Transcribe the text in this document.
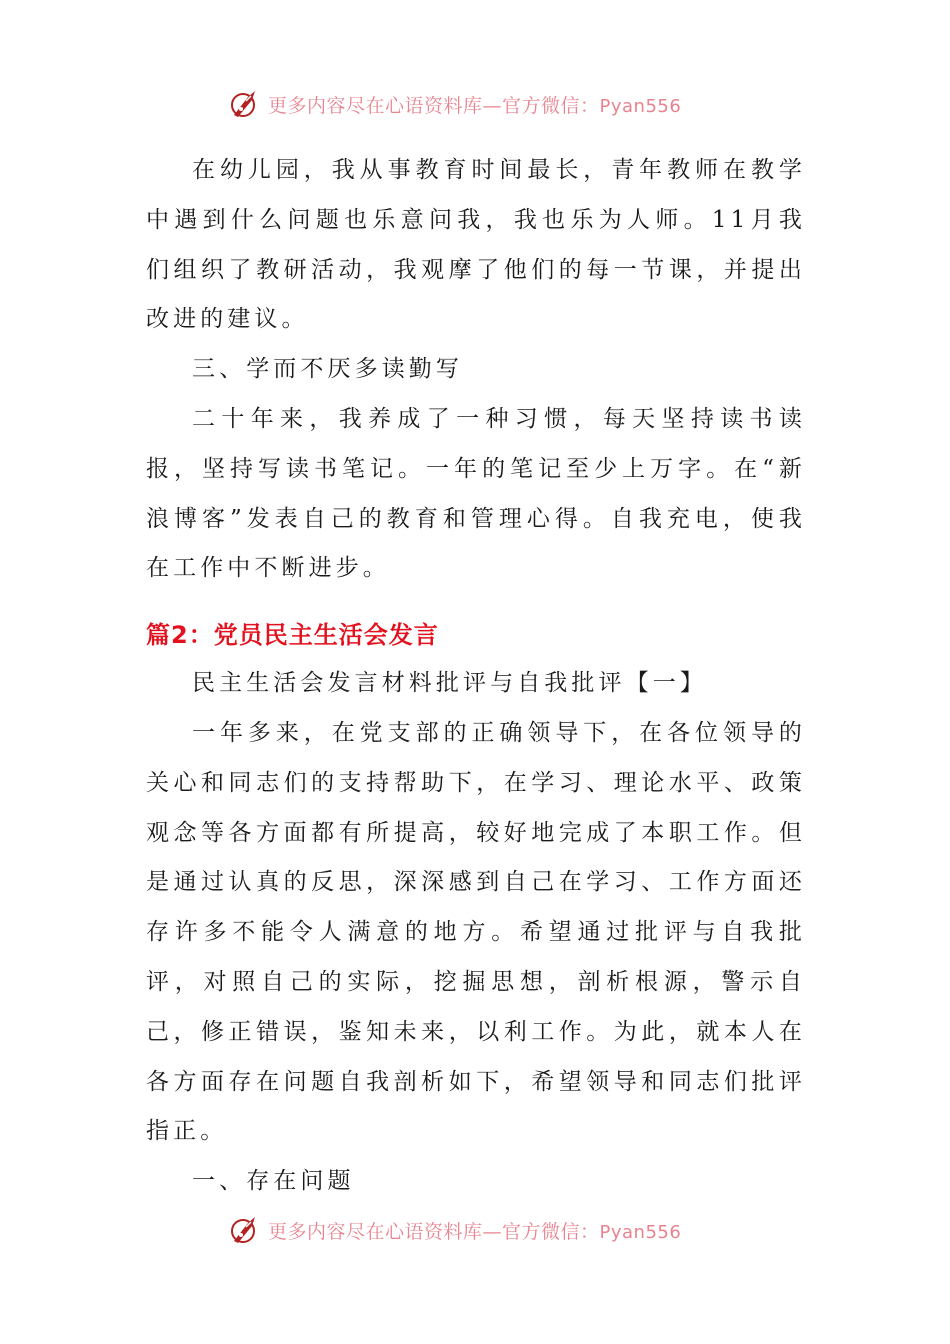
更多内容尽在心语资料库—官方微信：Pyan556

在幼儿园，我从事教育时间最长，青年教师在教学中遇到什么问题也乐意问我，我也乐为人师。11月我们组织了教研活动，我观摩了他们的每一节课，并提出改进的建议。

三、学而不厌多读勤写

二十年来，我养成了一种习惯，每天坚持读书读报，坚持写读书笔记。一年的笔记至少上万字。在“新浪博客”发表自己的教育和管理心得。自我充电，使我在工作中不断进步。

篇2：党员民主生活会发言

民主生活会发言材料批评与自我批评【一】

一年多来，在党支部的正确领导下，在各位领导的关心和同志们的支持帮助下，在学习、理论水平、政策观念等各方面都有所提高，较好地完成了本职工作。但是通过认真的反思，深深感到自己在学习、工作方面还存许多不能令人满意的地方。希望通过批评与自我批评，对照自己的实际，挖掘思想，剖析根源，警示自己，修正错误，鉴知未来，以利工作。为此，就本人在各方面存在问题自我剖析如下，希望领导和同志们批评指正。

一、存在问题

更多内容尽在心语资料库—官方微信：Pyan556
